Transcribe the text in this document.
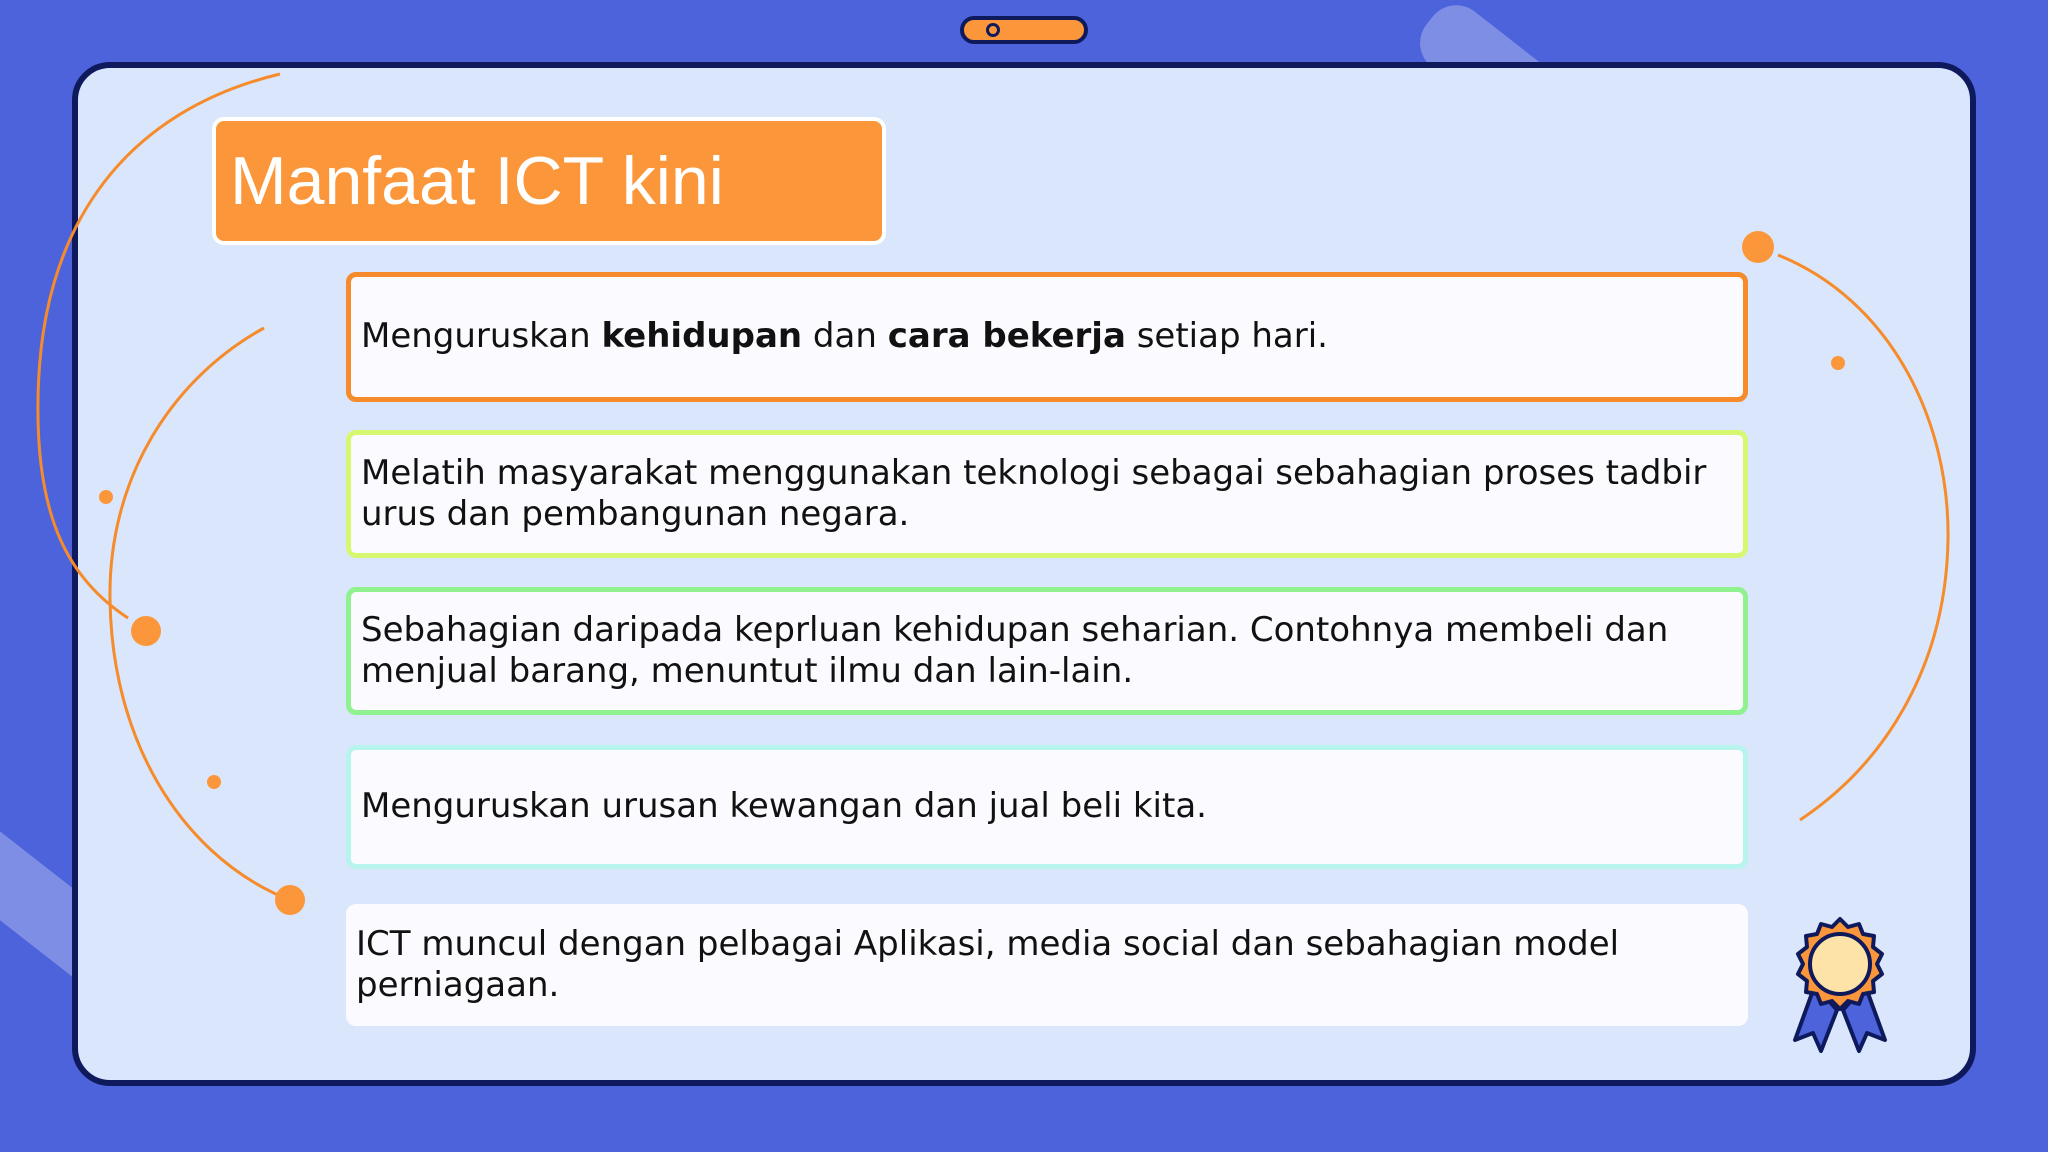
Manfaat ICT kini
Menguruskan kehidupan dan cara bekerja setiap hari.
Melatih masyarakat menggunakan teknologi sebagai sebahagian proses tadbir urus dan pembangunan negara.
Sebahagian daripada keprluan kehidupan seharian. Contohnya membeli dan menjual barang, menuntut ilmu dan lain-lain.
Menguruskan urusan kewangan dan jual beli kita.
ICT muncul dengan pelbagai Aplikasi, media social dan sebahagian model perniagaan.
